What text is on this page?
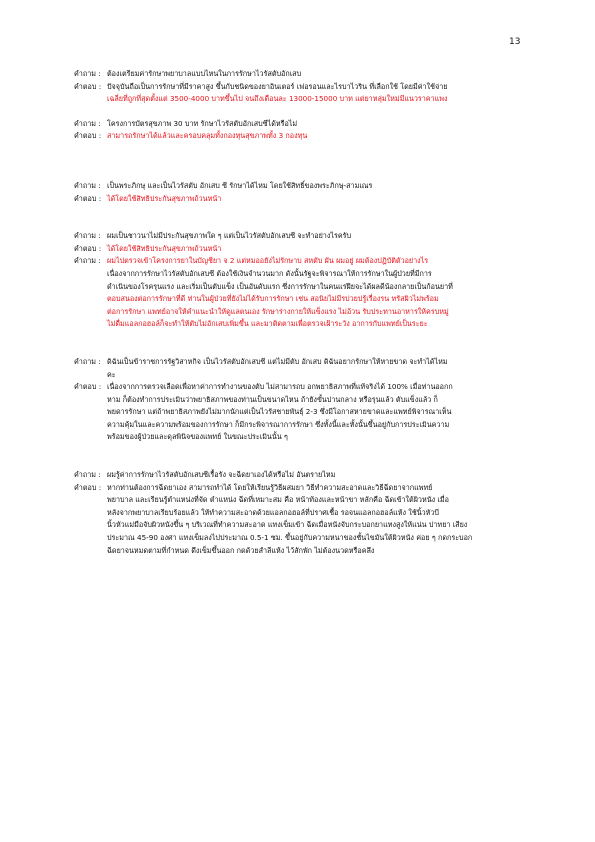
13
คำถาม : ต้องเตรียมค่ารักษาพยาบาลแบบไหนในการรักษาไวรัสตับอักเสบ
คำตอบ : ปัจจุบันถือเป็นการรักษาที่มีราคาสูง ขึ้นกับชนิดของยาอินเตอร์ เฟอรอนและไรบาไวริน ที่เลือกใช้ โดยมีค่าใช้จ่าย
เฉลี่ยที่ถูกที่สุดตั้งแต่ 3500-4000 บาทขึ้นไป จนถึงเดือนละ 13000-15000 บาท แต่ยาหลุ่มใหม่มีแนวราคาแพง
คำถาม : โครงการบัตรสุขภาพ 30 บาท รักษาไวรัสตับอักเสบซีได้หรือไม่
คำตอบ : สามารถรักษาได้แล้วและครอบคลุมทั้งกองทุนสุขภาพทั้ง 3 กองทุน
คำถาม : เป็นพระภิกษุ และเป็นไวรัสตับ อักเสบ ซี รักษาได้ไหม โดยใช้สิทธิ์ของพระภิกษุ-สามเณร
คำตอบ : ได้โดยใช้สิทธิประกันสุขภาพถ้วนหน้า
คำถาม : ผมเป็นชาวนาไม่มีประกันสุขภาพใด ๆ แต่เป็นไวรัสตับอักเสบซี จะทำอย่างไรครับ
คำตอบ : ได้โดยใช้สิทธิประกันสุขภาพถ้วนหน้า
คำถาม : ผมไปตรวจเข้าโครงการยาในบัญชียา จ 2 แต่หมออยังไม่รักษาบ สหตับ ผัน ผมอยู่ ผมต้องปฏิบัติตัวอย่างไร
เนื่องจากการรักษาไวรัสตับอักเสบซี ต้องใช้เงินจำนวนมาก ดังนั้นรัฐจะพิจารณาให้การรักษาในผู้ป่วยที่มีการ
ดำเนินของโรครุนแรง และเริ่มเป็นตับแข็ง เป็นอันดับแรก ซึ่งการรักษาในคนแรฝึยจะได้ผลดีน้องกลายเป็นก้อนยาที่
ตอบสนองต่อการรักษาที่ดี ท่านในผู้ป่วยที่ยังไม่ได้รับการรักษา เช่น สอนิยไม่มีรปวยปรู้เรื่องรน ทรัสผิวไม่พร้อม
ต่อการรักษา แพทย์อาจให้คำแนะนำให้ดูแลตนเอง รักษาร่างกายให้แข็งแรง ไม่อ้วน รับประทานอาหารให้ครบหมู่
ไม่ดื่มแอลกอฮอล์ก็จะทำให้ตับไม่อักเสบเพิ่มขึ้น และมาติดตามเพื่อตรวจเฝ้าระวัง อาการกับแพทย์เป็นระยะ
คำถาม : ดิฉันเป็นข้าราชการรัฐวิสาหกิจ เป็นไวรัสตับอักเสบซี แต่ไม่มีตับ อักเสบ ดิฉันอยากรักษาให้หายขาด จะทำได้ไหม
คะ
คำตอบ : เนื่องจากการตรวจเลือดเพื่อหาค่าการทำงานของตับ ไม่สามารถบ อกพยาธิสภาพที่แท้จริงได้ 100% เมื่อท่านออกก
หาม ก็ต้องทำการประเมินว่าพยาธิสภาพของท่านเป็นขนาดไหน ถ้ายังขั้นปานกลาง หรือรุนแล้ว ตับแข็งแล้ว ก็
พยดารรักษา แต่ถ้าพยาธิสภาพยังไม่มากนักแต่เป็นไวรัสชายพันธุ์ 2-3 ซึ่งมีโอกาสหายขาดและแพทย์พิจารณาเห็น
ความคุ้มในและความพร้อมของการรักษา ก็มีกระพิจารณาการรักษา ซึ่งทั้งนี้และทั้งนั้นขึ้นอยู่กับการประเมินความ
พร้อมของผู้ป่วยและดุลพินิจของแพทย์ ในขณะประเมินนั้น ๆ
คำถาม : ผมรู้ค่าการรักษาไวรัสตับอักเสบซีเรื้อรัง จะฉีดยาเองได้หรือไม่ อันตรายไหม
คำตอบ : หากท่านต้องการฉีดยาเอง สามารถทำได้ โดยให้เรียนรู้วิธีผสมยา วิธีทำความสะอาดและวิธีฉีดยาจากแพทย์
พยาบาล และเรียนรู้ตำแหน่งที่จัด ตำแหน่ง ฉีดที่เหมาะสม คือ หน้าท้องและหน้าขา หลักคือ ฉีดเข้าใต้ผิวหนัง เมื่อ
หลังจากพยาบาลเรียบร้อยแล้ว ให้ทำความสะอาดด้วยแอลกอฮอล์ที่ปราศเชื้อ รอจนแอลกอฮอล์แห้ง ใช้นิ้วหัวบี
นิ้วหัวแม่มือจับผิวหนังขึ้น ๆ บริเวณที่ทำความสะอาด แทงเข็มเข้า ฉีดเมื่อหนังจับกระบอกยาแทงสูงให้แน่น ปาทยา เสียง
ประมาณ 45-90 องศา แทงเข็มลงไปประมาณ 0.5-1 ซม. ขึ้นอยู่กับความหนาของชั้นไขมันใต้ผิวหนัง ค่อย ๆ กดกระบอก
ฉีดยาจนหมดตามที่กำหนด ดึงเข็มขึ้นออก กดด้วยสำลีแห้ง ไว้สักพัก ไม่ต้องนวดหรือคลึง
